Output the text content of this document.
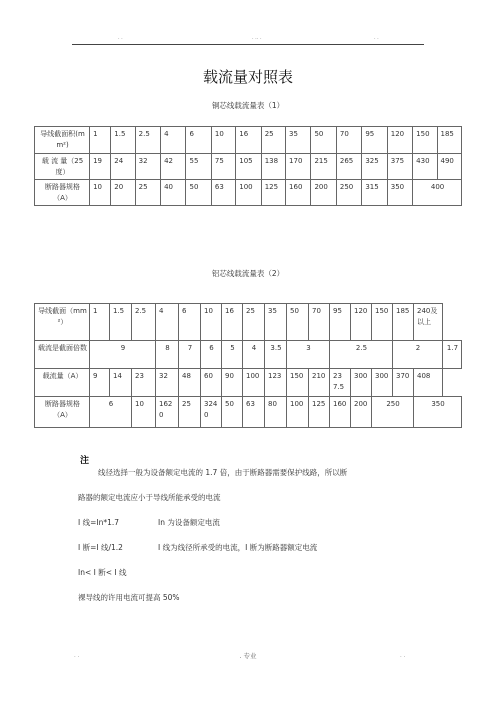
. .	. .. .	. .
载流量对照表
铜芯线载流量表（1）
导线截面积(mm²)	1	1.5	2.5	4	6	10	16	25	35	50	70	95	120	150	185
载 流 量（25度）	19	24	32	42	55	75	105	138	170	215	265	325	375	430	490
断路器规格（A）	10	20	25	40	50	63	100	125	160	200	250	315	350	400	
铝芯线载流量表（2）
导线截面（mm²）	1	1.5	2.5	4	6	10	16	25	35	50	70	95	120	150	185	240及以上	
载流是截面倍数	9			8	7	6	5	4	3.5	3		2.5			2		1.7
载流量（A）	9	14	23	32	48	60	90	100	123	150	210	237.5	300	300	370	408	
断路器规格（A）	6		10	1620	25	3240	50	63	80	100	125	160	200	250		350	
注
线径选择一般为设备额定电流的 1.7 倍，由于断路器需要保护线路，所以断
路器的额定电流应小于导线所能承受的电流
I 线=In*1.7	In 为设备额定电流
I 断=I 线/1.2	I 线为线径所承受的电流，I 断为断路器额定电流
In< I 断< I 线
裸导线的许用电流可提高 50%
. .	. 专业	. .
